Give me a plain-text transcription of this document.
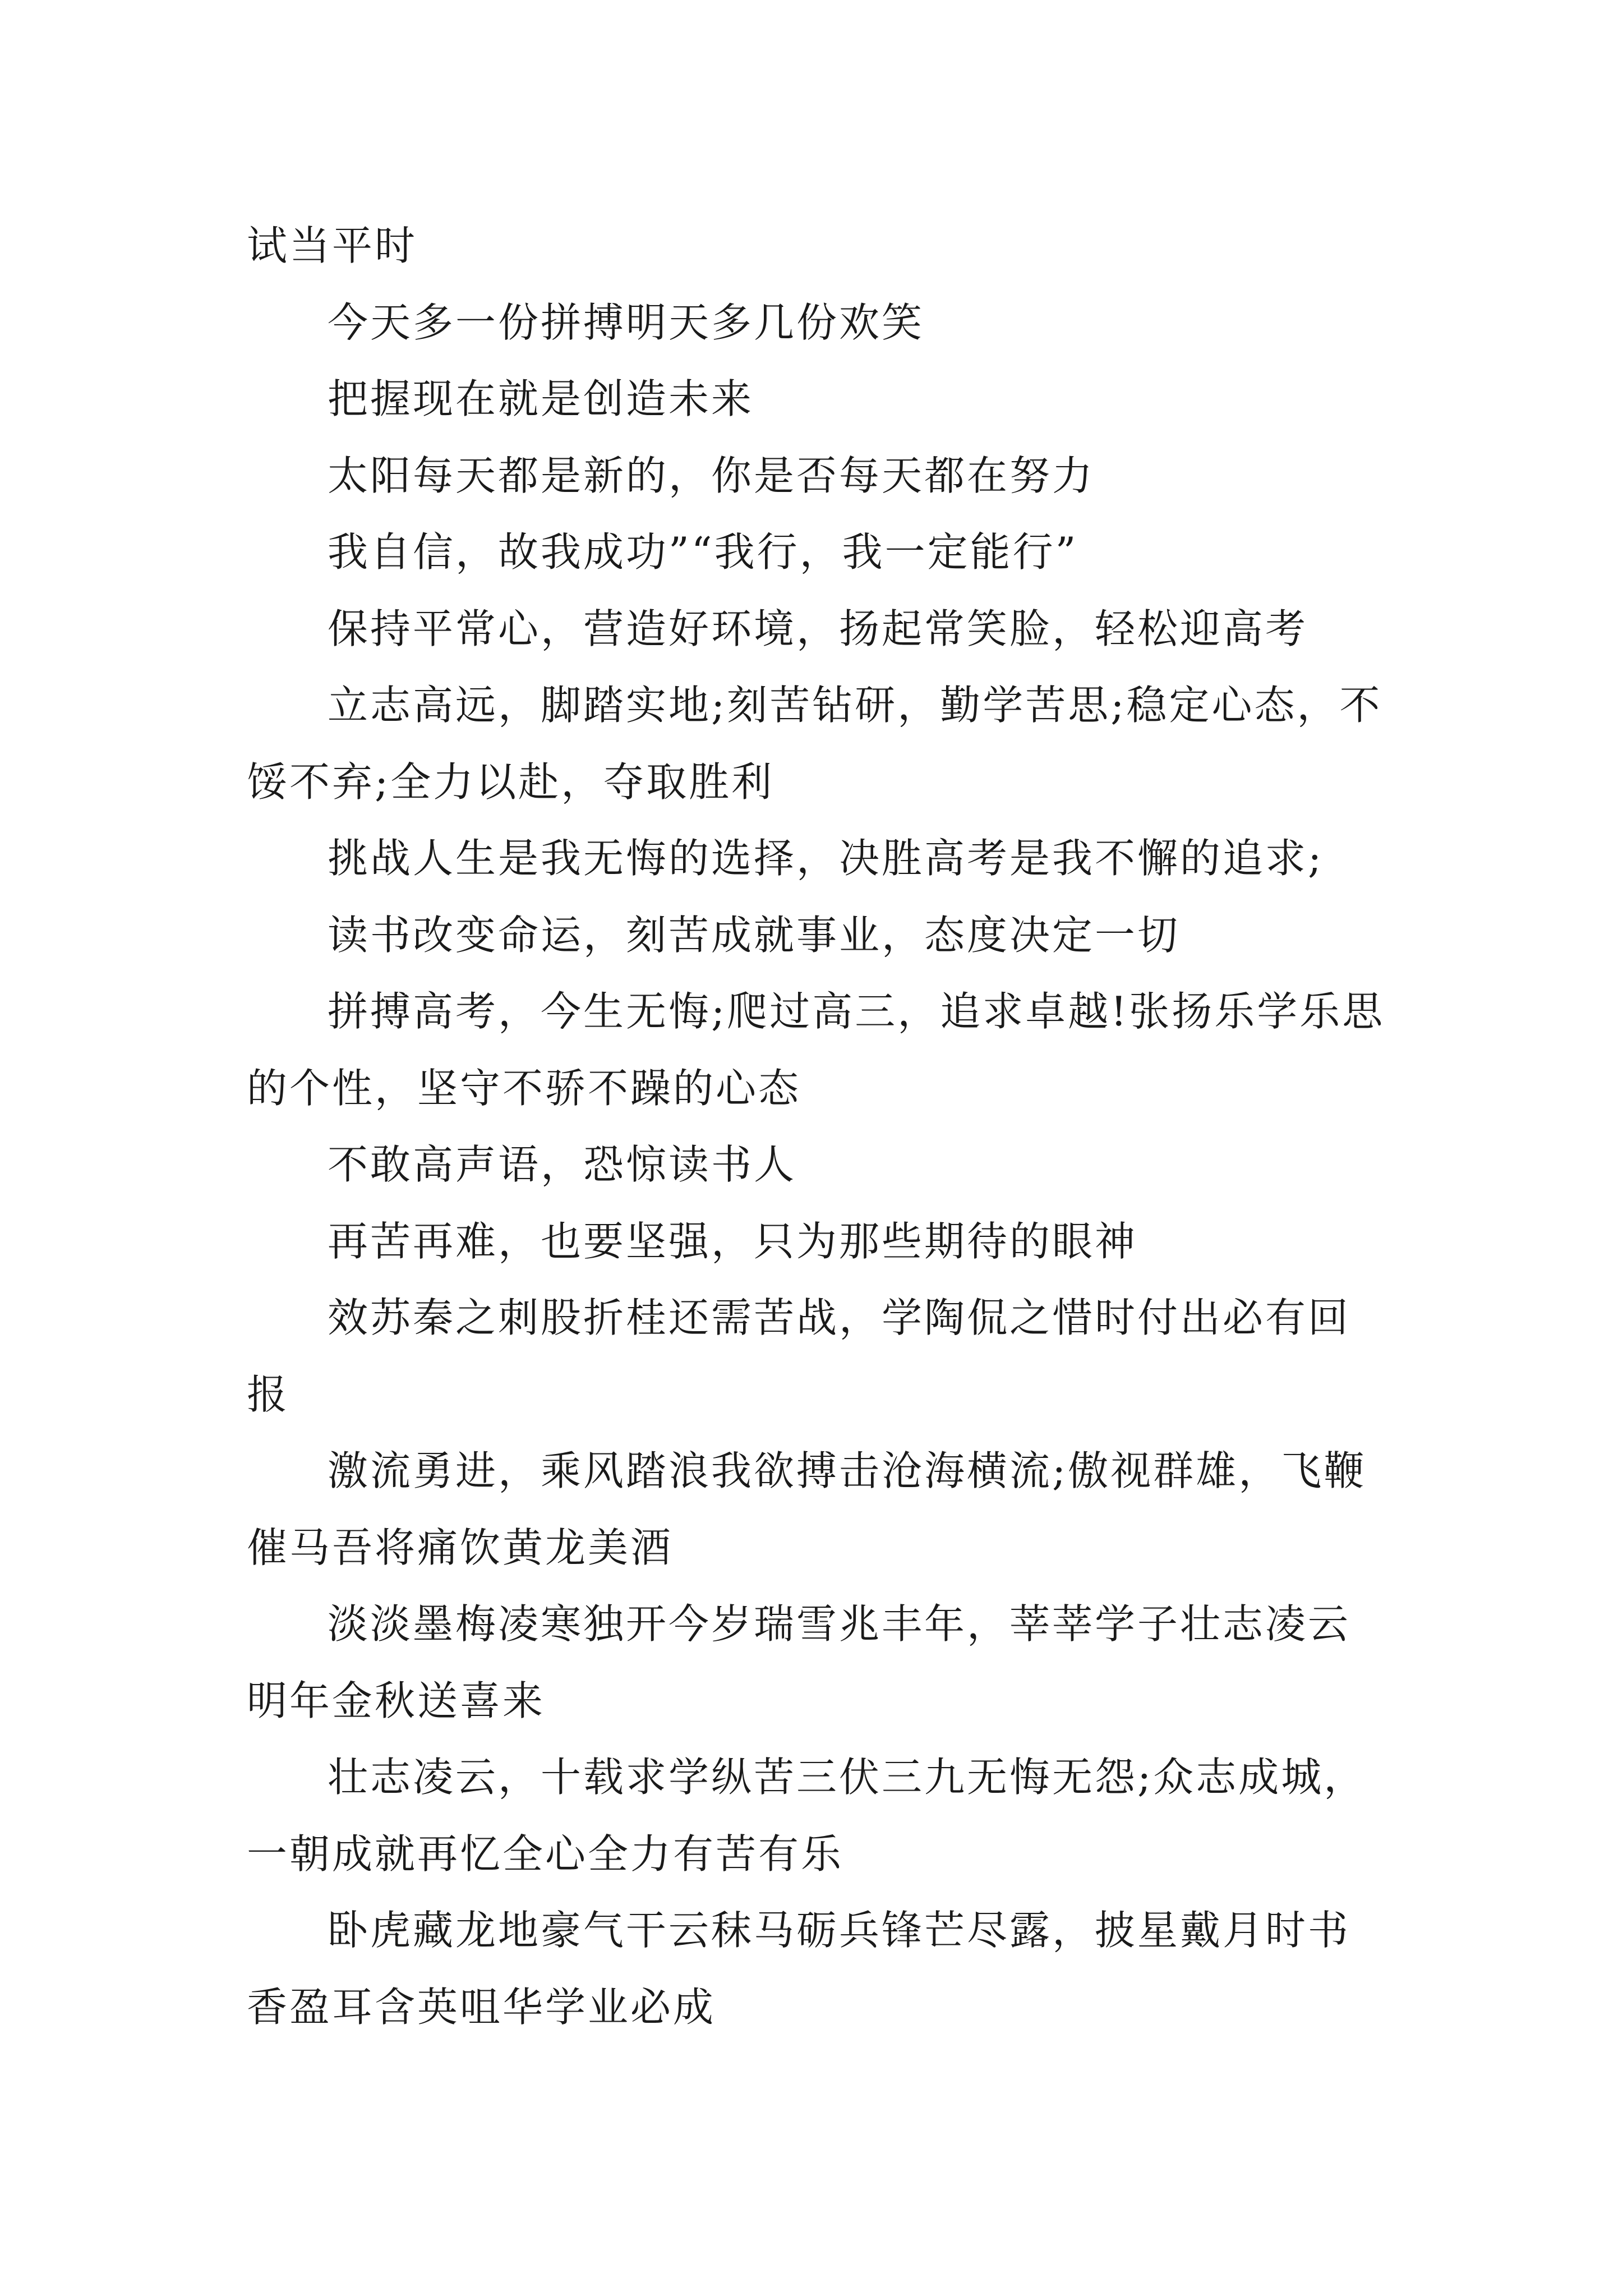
试当平时

今天多一份拼搏明天多几份欢笑

把握现在就是创造未来

太阳每天都是新的，你是否每天都在努力

我自信，故我成功”“我行，我一定能行”

保持平常心，营造好环境，扬起常笑脸，轻松迎高考

立志高远，脚踏实地;刻苦钻研，勤学苦思;稳定心态，不馁不弃;全力以赴，夺取胜利

挑战人生是我无悔的选择，决胜高考是我不懈的追求;

读书改变命运，刻苦成就事业，态度决定一切

拼搏高考，今生无悔;爬过高三，追求卓越!张扬乐学乐思的个性，坚守不骄不躁的心态

不敢高声语，恐惊读书人

再苦再难，也要坚强，只为那些期待的眼神

效苏秦之刺股折桂还需苦战，学陶侃之惜时付出必有回报

激流勇进，乘风踏浪我欲搏击沧海横流;傲视群雄，飞鞭催马吾将痛饮黄龙美酒

淡淡墨梅凌寒独开今岁瑞雪兆丰年，莘莘学子壮志凌云明年金秋送喜来

壮志凌云，十载求学纵苦三伏三九无悔无怨;众志成城，一朝成就再忆全心全力有苦有乐

卧虎藏龙地豪气干云秣马砺兵锋芒尽露，披星戴月时书香盈耳含英咀华学业必成
